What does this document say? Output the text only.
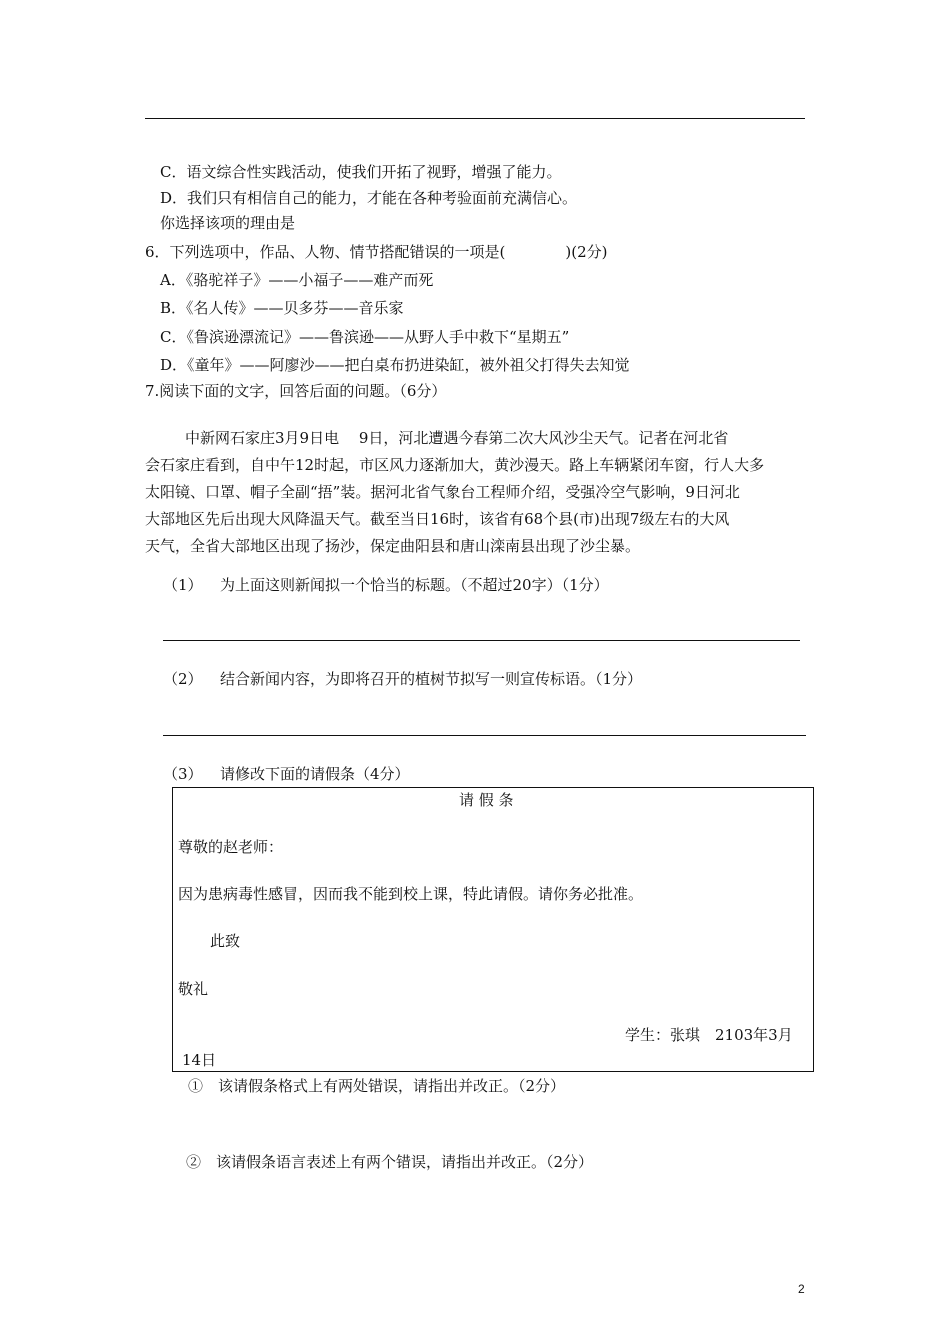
C．语文综合性实践活动，使我们开拓了视野，增强了能力。
D．我们只有相信自己的能力，才能在各种考验面前充满信心。
你选择该项的理由是
6．下列选项中，作品、人物、情节搭配错误的一项是(　　　　)(2分)
A．《骆驼祥子》——小福子——难产而死
B．《名人传》——贝多芬——音乐家
C．《鲁滨逊漂流记》——鲁滨逊——从野人手中救下“星期五”
D．《童年》——阿廖沙——把白桌布扔进染缸，被外祖父打得失去知觉
7.阅读下面的文字，回答后面的问题。（6分）
中新网石家庄3月9日电　 9日，河北遭遇今春第二次大风沙尘天气。记者在河北省
会石家庄看到，自中午12时起，市区风力逐渐加大，黄沙漫天。路上车辆紧闭车窗，行人大多
太阳镜、口罩、帽子全副“捂”装。据河北省气象台工程师介绍，受强冷空气影响，9日河北
大部地区先后出现大风降温天气。截至当日16时，该省有68个县(市)出现7级左右的大风
天气，全省大部地区出现了扬沙，保定曲阳县和唐山滦南县出现了沙尘暴。
（1） 为上面这则新闻拟一个恰当的标题。（不超过20字）（1分）
（2） 结合新闻内容，为即将召开的植树节拟写一则宣传标语。（1分）
（3） 请修改下面的请假条（4分）
请 假 条
尊敬的赵老师：
因为患病毒性感冒，因而我不能到校上课，特此请假。请你务必批准。
此致
敬礼
学生：张琪　2103年3月
14日
①　该请假条格式上有两处错误，请指出并改正。（2分）
②　该请假条语言表述上有两个错误，请指出并改正。（2分）
2
